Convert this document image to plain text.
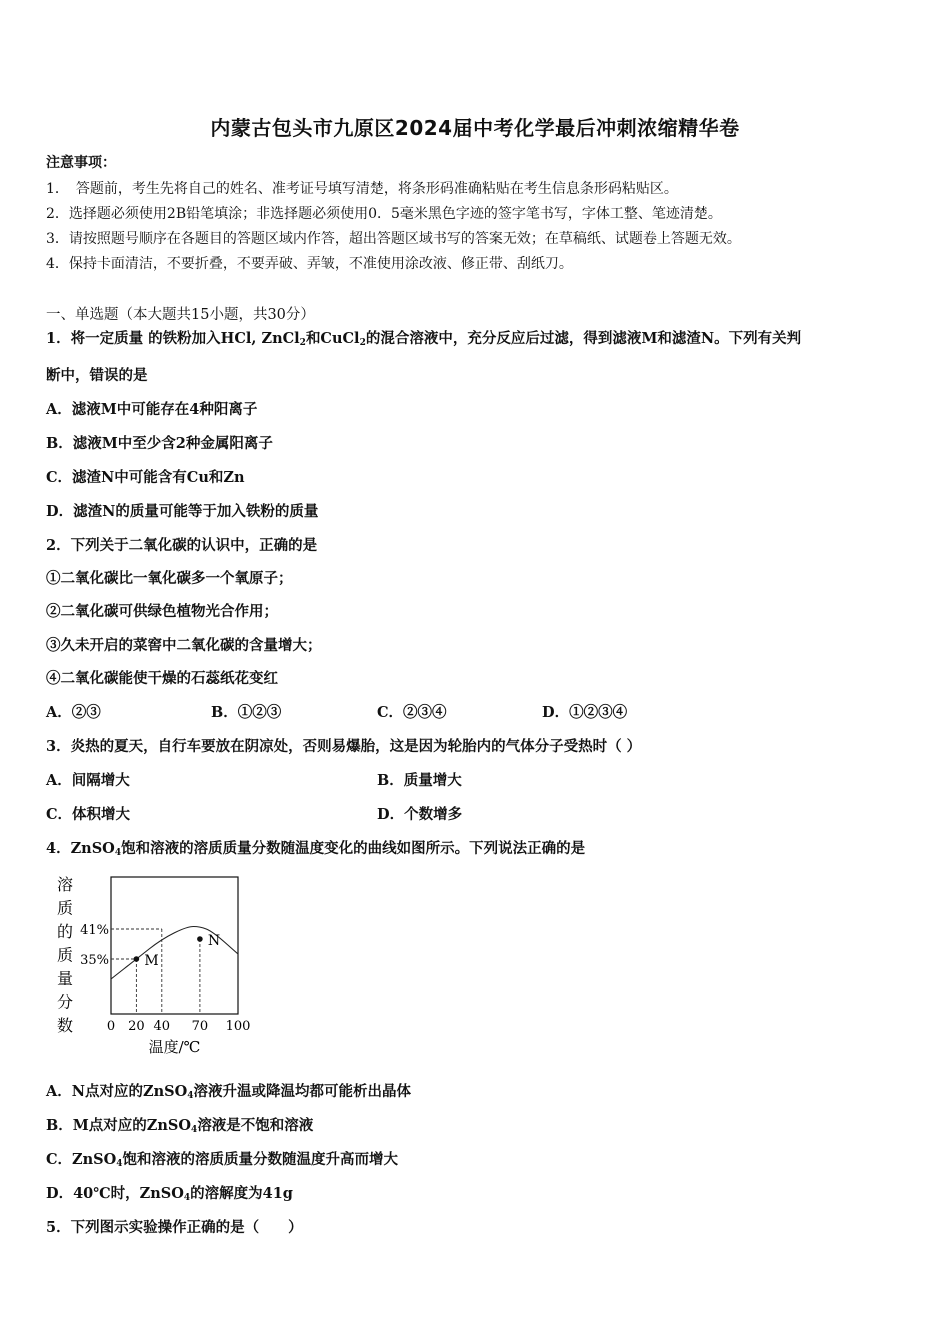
内蒙古包头市九原区2024届中考化学最后冲刺浓缩精华卷
注意事项：
1．　答题前，考生先将自己的姓名、准考证号填写清楚，将条形码准确粘贴在考生信息条形码粘贴区。
2．选择题必须使用2B铅笔填涂；非选择题必须使用0．5毫米黑色字迹的签字笔书写，字体工整、笔迹清楚。
3．请按照题号顺序在各题目的答题区域内作答，超出答题区域书写的答案无效；在草稿纸、试题卷上答题无效。
4．保持卡面清洁，不要折叠，不要弄破、弄皱，不准使用涂改液、修正带、刮纸刀。
一、单选题（本大题共15小题，共30分）
1．将一定质量 的铁粉加入HCl, ZnCl$_2$和CuCl$_2$的混合溶液中，充分反应后过滤，得到滤液M和滤渣N。下列有关判
断中，错误的是
A．滤液M中可能存在4种阳离子
B．滤液M中至少含2种金属阳离子
C．滤渣N中可能含有Cu和Zn
D．滤渣N的质量可能等于加入铁粉的质量
2．下列关于二氧化碳的认识中，正确的是
①二氧化碳比一氧化碳多一个氧原子；
②二氧化碳可供绿色植物光合作用；
③久未开启的菜窖中二氧化碳的含量增大；
④二氧化碳能使干燥的石蕊纸花变红
A．②③	B．①②③	C．②③④	D．①②③④
3．炎热的夏天，自行车要放在阴凉处，否则易爆胎，这是因为轮胎内的气体分子受热时（ ）
A．间隔增大	B．质量增大
C．体积增大	D．个数增多
4．ZnSO$_4$饱和溶液的溶质质量分数随温度变化的曲线如图所示。下列说法正确的是
M
N
41%
35%
0 20 40 70 100
温度/℃
溶
质
的
质
量
分
数
A．N点对应的ZnSO$_4$溶液升温或降温均都可能析出晶体
B．M点对应的ZnSO$_4$溶液是不饱和溶液
C．ZnSO$_4$饱和溶液的溶质质量分数随温度升高而增大
D．40℃时，ZnSO$_4$的溶解度为41g
5．下列图示实验操作正确的是（　　）
